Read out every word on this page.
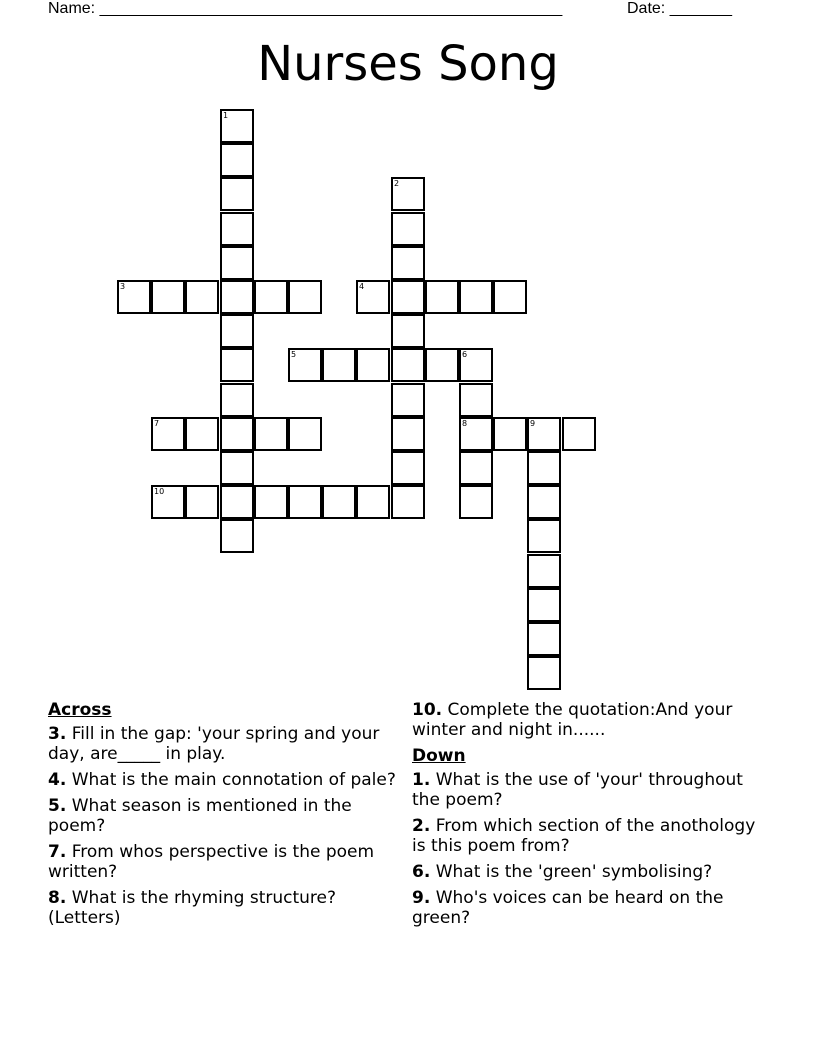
Name: ____________________________________________________	Date: _______
Nurses Song
1
2
3	4
5	6
8
7	9
10
Across
3. Fill in the gap: 'your spring and your day, are_____ in play.
4. What is the main connotation of pale?
5. What season is mentioned in the poem?
7. From whos perspective is the poem written?
8. What is the rhyming structure? (Letters)
10. Complete the quotation:And your winter and night in......
Down
1. What is the use of 'your' throughout the poem?
2. From which section of the anothology is this poem from?
6. What is the 'green' symbolising?
9. Who's voices can be heard on the green?
